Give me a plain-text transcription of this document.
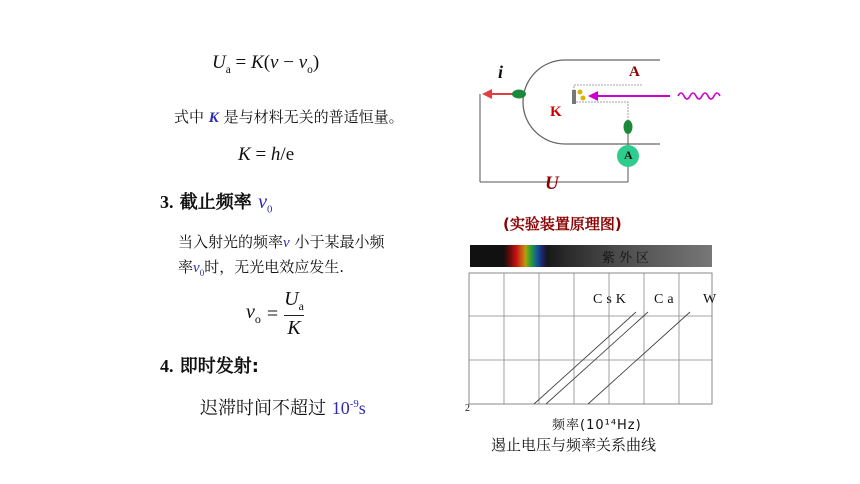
$U_a = K(\nu - \nu_o)$
式中 K 是与材料无关的普适恒量。
K = h/e
3. 截止频率 $\nu_0$
当入射光的频率ν 小于某最小频
率$\nu_0$时，无光电效应发生.
$\nu_o = \frac{U_a}{K}$
4. 即时发射:
迟滞时间不超过 $10^{-9}s$
i	A
K
A
U
(实验装置原理图)
紫外区
CsK Ca W
2
频率(10¹⁴Hz)
遏止电压与频率关系曲线
